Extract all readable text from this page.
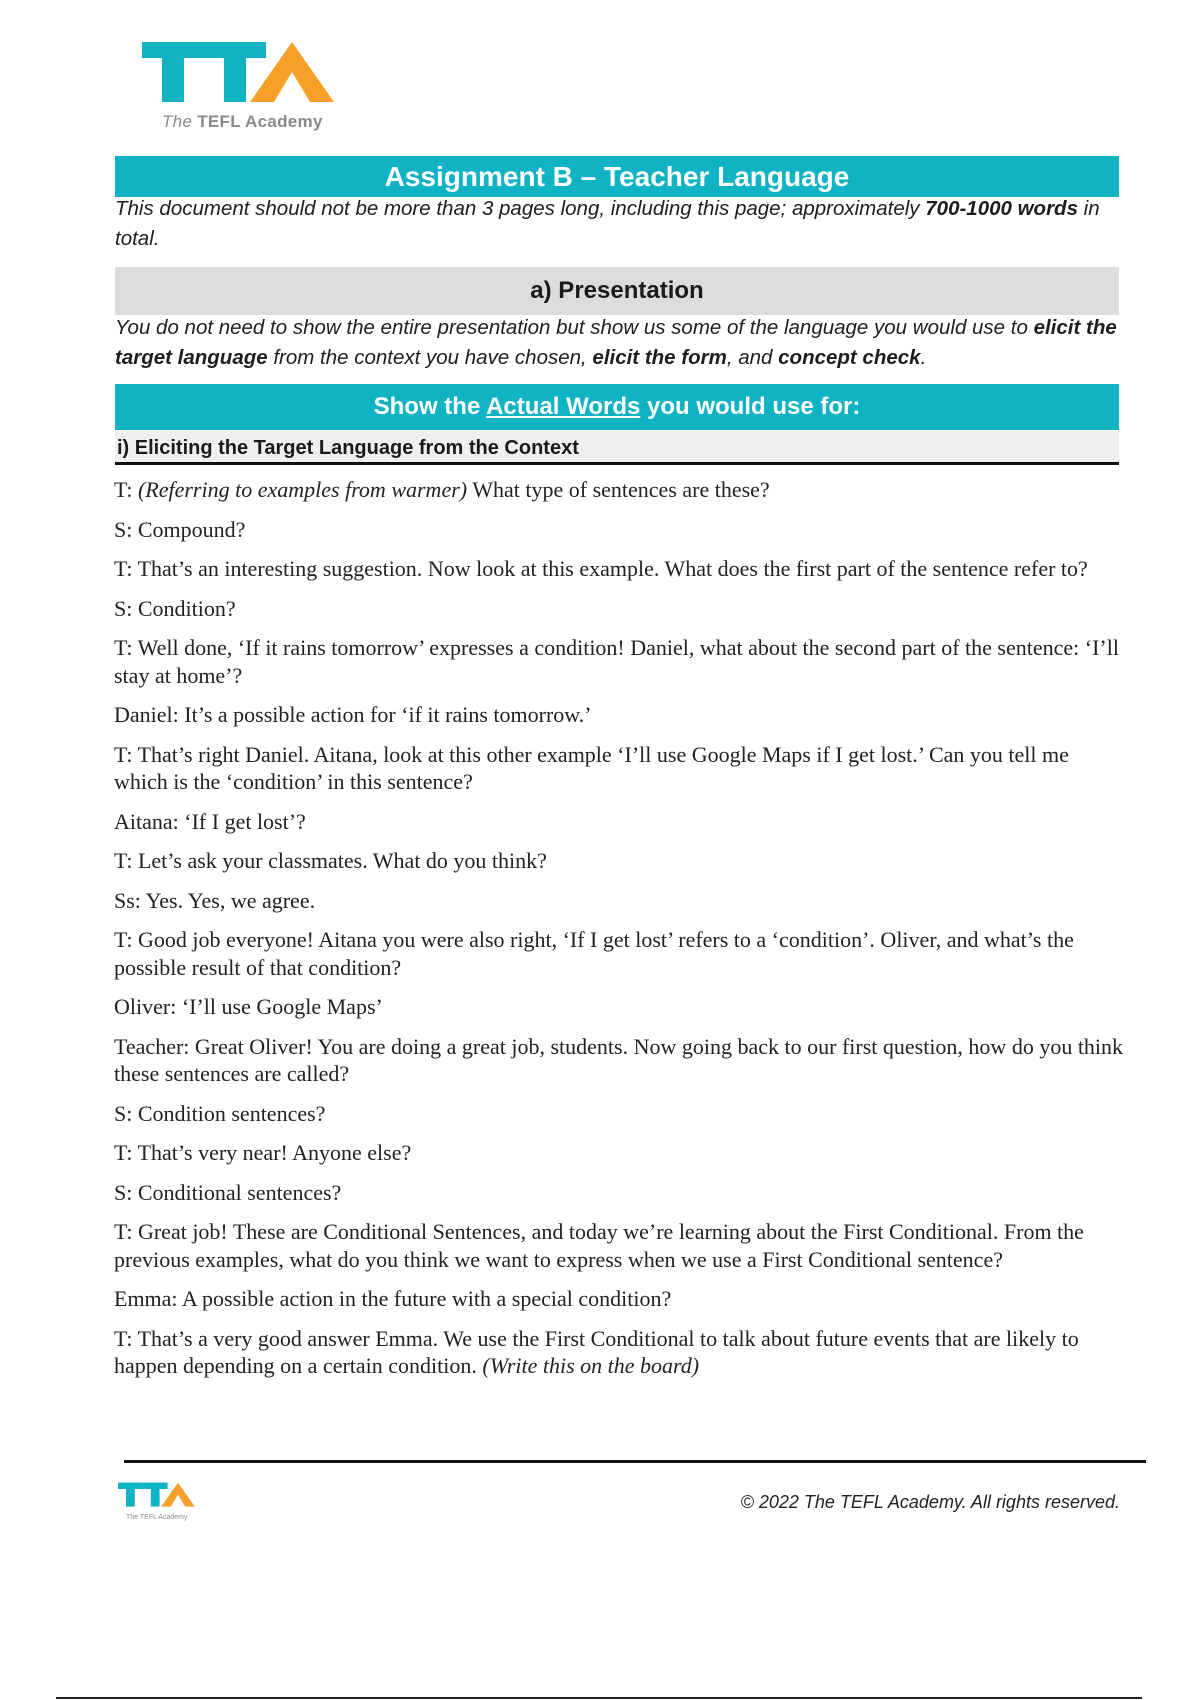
The TEFL Academy
Assignment B – Teacher Language
This document should not be more than 3 pages long, including this page; approximately 700-1000 words in total.
a) Presentation
You do not need to show the entire presentation but show us some of the language you would use to elicit the target language from the context you have chosen, elicit the form, and concept check.
Show the Actual Words you would use for:
i) Eliciting the Target Language from the Context

T: (Referring to examples from warmer) What type of sentences are these?

S: Compound?

T: That’s an interesting suggestion. Now look at this example. What does the first part of the sentence refer to?

S: Condition?

T: Well done, ‘If it rains tomorrow’ expresses a condition! Daniel, what about the second part of the sentence: ‘I’ll stay at home’?

Daniel: It’s a possible action for ‘if it rains tomorrow.’

T: That’s right Daniel. Aitana, look at this other example ‘I’ll use Google Maps if I get lost.’ Can you tell me which is the ‘condition’ in this sentence?

Aitana: ‘If I get lost’?

T: Let’s ask your classmates. What do you think?

Ss: Yes. Yes, we agree.

T: Good job everyone! Aitana you were also right, ‘If I get lost’ refers to a ‘condition’. Oliver, and what’s the possible result of that condition?

Oliver: ‘I’ll use Google Maps’

Teacher: Great Oliver! You are doing a great job, students. Now going back to our first question, how do you think these sentences are called?

S: Condition sentences?

T: That’s very near! Anyone else?

S: Conditional sentences?

T: Great job! These are Conditional Sentences, and today we’re learning about the First Conditional. From the previous examples, what do you think we want to express when we use a First Conditional sentence?

Emma: A possible action in the future with a special condition?

T: That’s a very good answer Emma. We use the First Conditional to talk about future events that are likely to happen depending on a certain condition. (Write this on the board)

The TEFL Academy
© 2022 The TEFL Academy. All rights reserved.
